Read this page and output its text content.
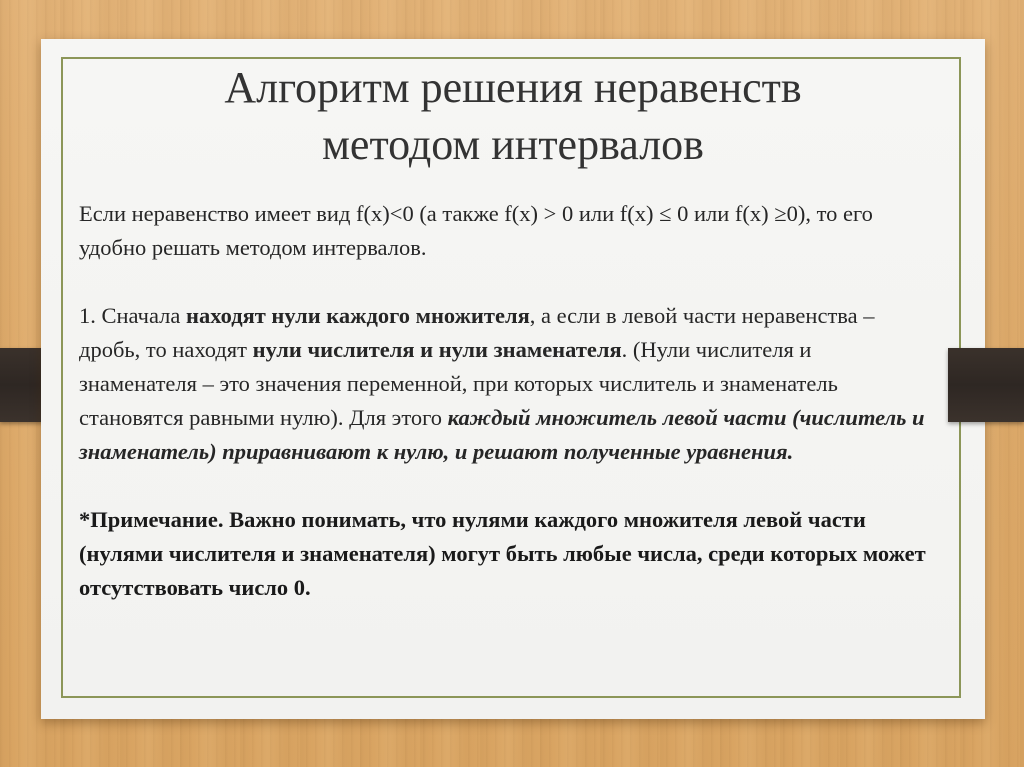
Алгоритм решения неравенств
методом интервалов

Если неравенство имеет вид f(x)<0 (а также f(x) > 0 или f(x) ≤ 0 или f(x) ≥0), то его удобно решать методом интервалов.

1. Сначала находят нули каждого множителя, а если в левой части неравенства – дробь, то находят нули числителя и нули знаменателя. (Нули числителя и знаменателя – это значения переменной, при которых числитель и знаменатель становятся равными нулю). Для этого каждый множитель левой части (числитель и знаменатель) приравнивают к нулю, и решают полученные уравнения.

*Примечание. Важно понимать, что нулями каждого множителя левой части (нулями числителя и знаменателя) могут быть любые числа, среди которых может отсутствовать число 0.
